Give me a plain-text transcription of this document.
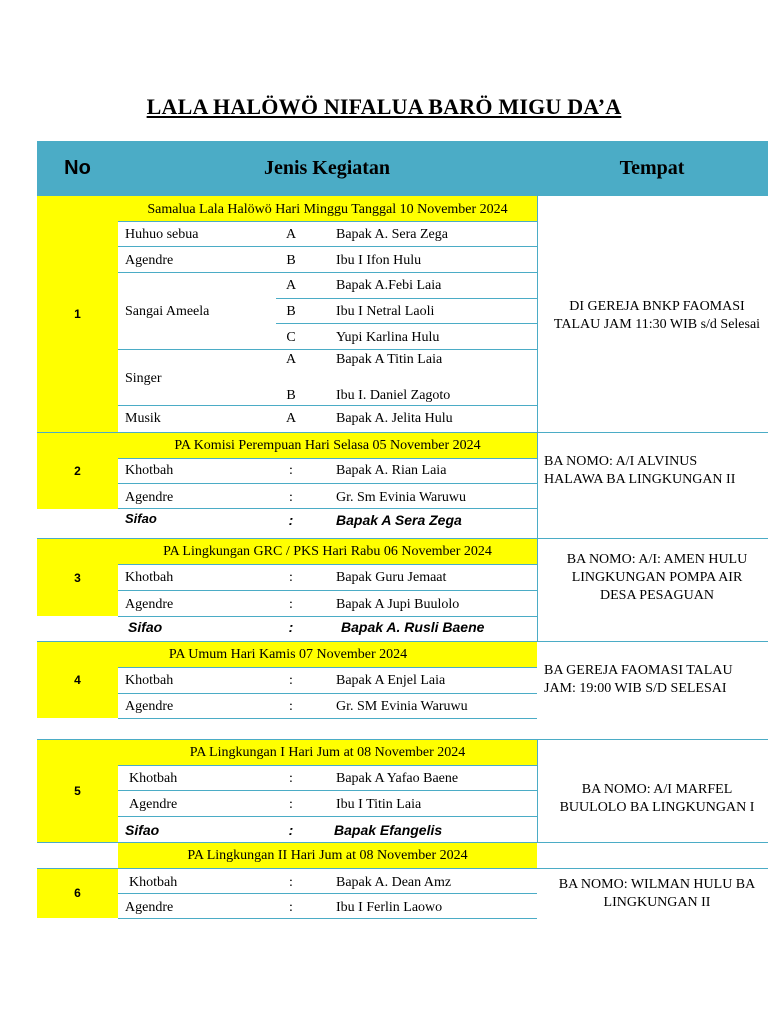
LALA HALÖWÖ NIFALUA BARÖ MIGU DA’A
No	Jenis Kegiatan	Tempat
1
Samalua Lala Halöwö Hari Minggu Tanggal 10 November 2024
Huhuo sebua	A	Bapak A. Sera Zega
Agendre	B	Ibu I Ifon Hulu
Sangai Ameela
A	Bapak A.Febi Laia
B	Ibu I Netral Laoli
C	Yupi Karlina Hulu
Singer
A	Bapak A Titin Laia
B	Ibu I. Daniel Zagoto
Musik	A	Bapak A. Jelita Hulu
DI GEREJA BNKP FAOMASI
TALAU JAM 11:30 WIB s/d Selesai
2
PA Komisi Perempuan Hari Selasa 05 November 2024
Khotbah	:	Bapak A. Rian Laia
Agendre	:	Gr. Sm Evinia Waruwu
Sifao	:	Bapak A Sera Zega
BA NOMO: A/I ALVINUS
HALAWA BA LINGKUNGAN II
3
PA Lingkungan GRC / PKS Hari Rabu 06 November 2024
Khotbah	:	Bapak Guru Jemaat
Agendre	:	Bapak A Jupi Buulolo
Sifao	:	Bapak A. Rusli Baene
BA NOMO: A/I: AMEN HULU
LINGKUNGAN POMPA AIR
DESA PESAGUAN
4
PA Umum Hari Kamis 07 November 2024
Khotbah	:	Bapak A Enjel Laia
Agendre	:	Gr. SM Evinia Waruwu
BA GEREJA FAOMASI TALAU
JAM: 19:00 WIB S/D SELESAI
5
PA Lingkungan I Hari Jum at 08 November 2024
Khotbah	:	Bapak A Yafao Baene
Agendre	:	Ibu I Titin Laia
Sifao	:	Bapak Efangelis
BA NOMO: A/I MARFEL
BUULOLO BA LINGKUNGAN I
PA Lingkungan II Hari Jum at 08 November 2024
6
Khotbah	:	Bapak A. Dean Amz
Agendre	:	Ibu I Ferlin Laowo
BA NOMO: WILMAN HULU BA
LINGKUNGAN II
